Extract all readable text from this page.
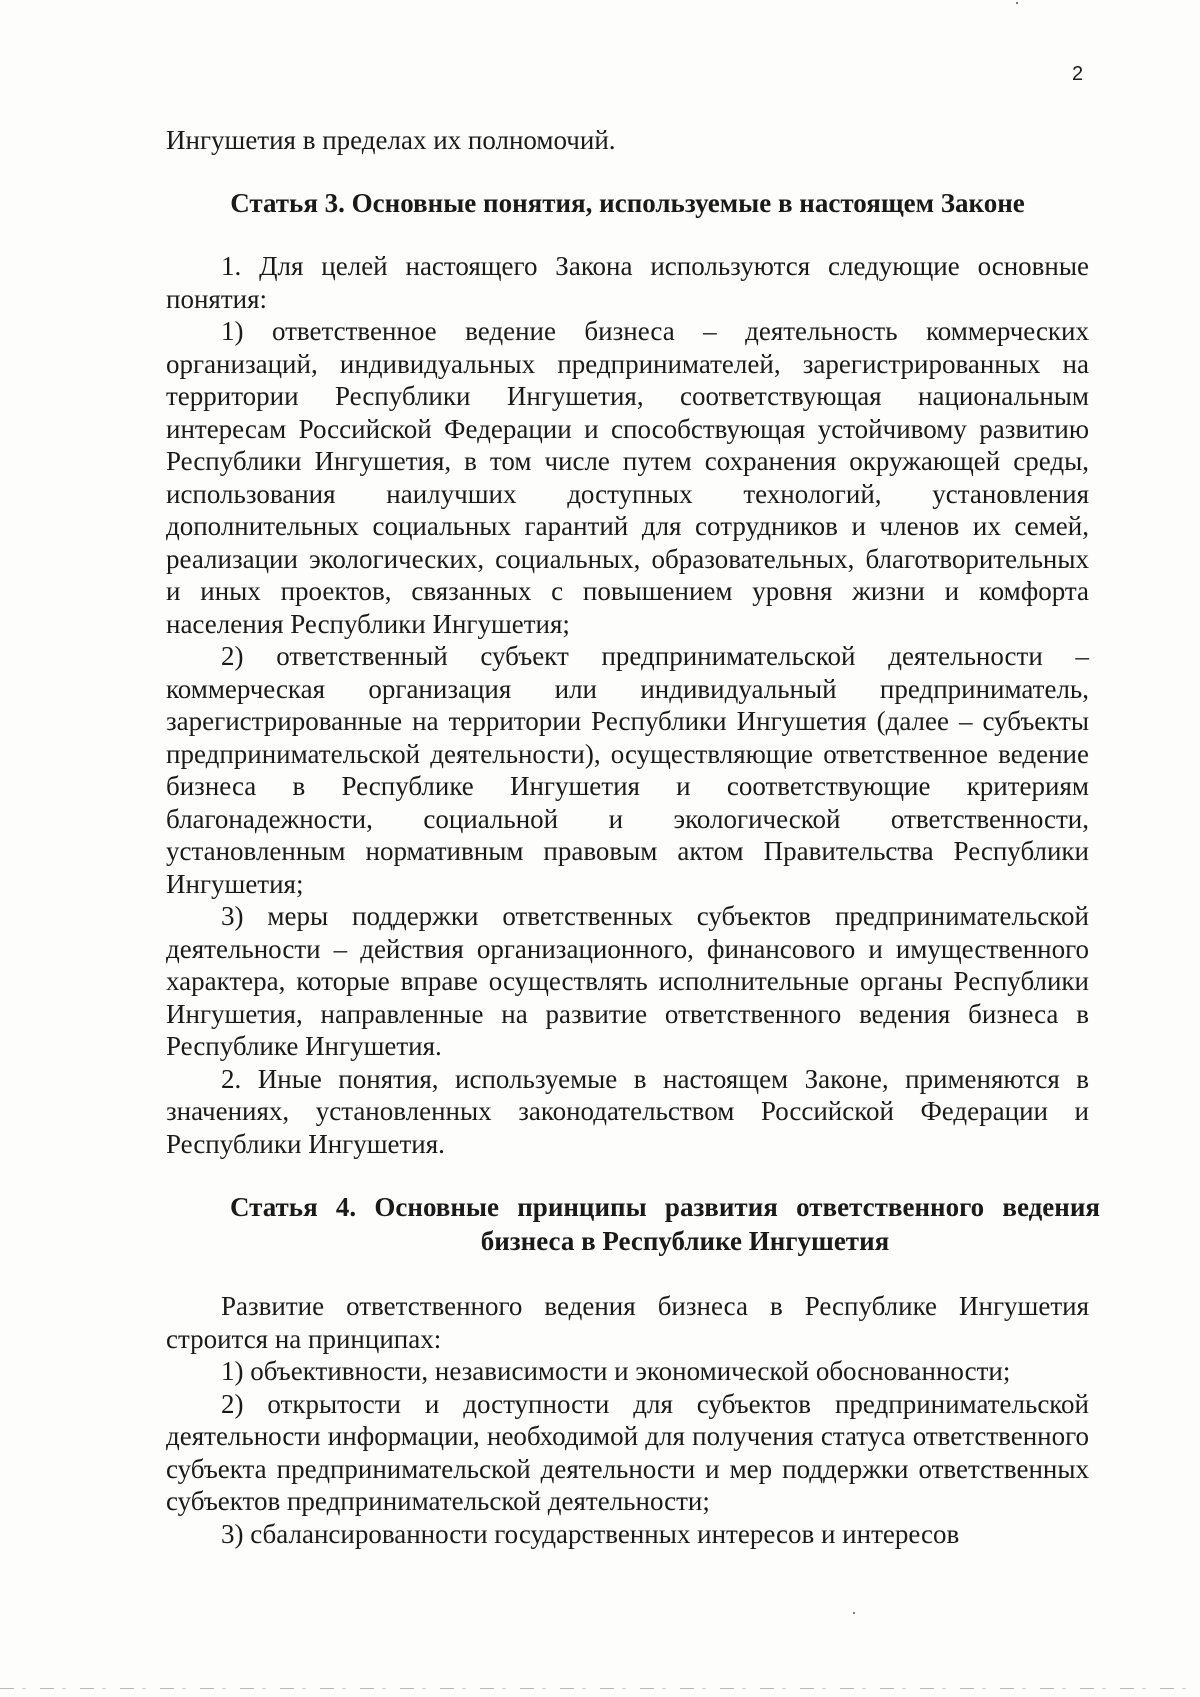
2

Ингушетия в пределах их полномочий.

Статья 3. Основные понятия, используемые в настоящем Законе

1. Для целей настоящего Закона используются следующие основные понятия:

1) ответственное ведение бизнеса – деятельность коммерческих организаций, индивидуальных предпринимателей, зарегистрированных на территории Республики Ингушетия, соответствующая национальным интересам Российской Федерации и способствующая устойчивому развитию Республики Ингушетия, в том числе путем сохранения окружающей среды, использования наилучших доступных технологий, установления дополнительных социальных гарантий для сотрудников и членов их семей, реализации экологических, социальных, образовательных, благотворительных и иных проектов, связанных с повышением уровня жизни и комфорта населения Республики Ингушетия;

2) ответственный субъект предпринимательской деятельности – коммерческая организация или индивидуальный предприниматель, зарегистрированные на территории Республики Ингушетия (далее – субъекты предпринимательской деятельности), осуществляющие ответственное ведение бизнеса в Республике Ингушетия и соответствующие критериям благонадежности, социальной и экологической ответственности, установленным нормативным правовым актом Правительства Республики Ингушетия;

3) меры поддержки ответственных субъектов предпринимательской деятельности – действия организационного, финансового и имущественного характера, которые вправе осуществлять исполнительные органы Республики Ингушетия, направленные на развитие ответственного ведения бизнеса в Республике Ингушетия.

2. Иные понятия, используемые в настоящем Законе, применяются в значениях, установленных законодательством Российской Федерации и Республики Ингушетия.

Статья 4. Основные принципы развития ответственного ведения
бизнеса в Республике Ингушетия

Развитие ответственного ведения бизнеса в Республике Ингушетия строится на принципах:

1) объективности, независимости и экономической обоснованности;

2) открытости и доступности для субъектов предпринимательской деятельности информации, необходимой для получения статуса ответственного субъекта предпринимательской деятельности и мер поддержки ответственных субъектов предпринимательской деятельности;

3) сбалансированности государственных интересов и интересов
